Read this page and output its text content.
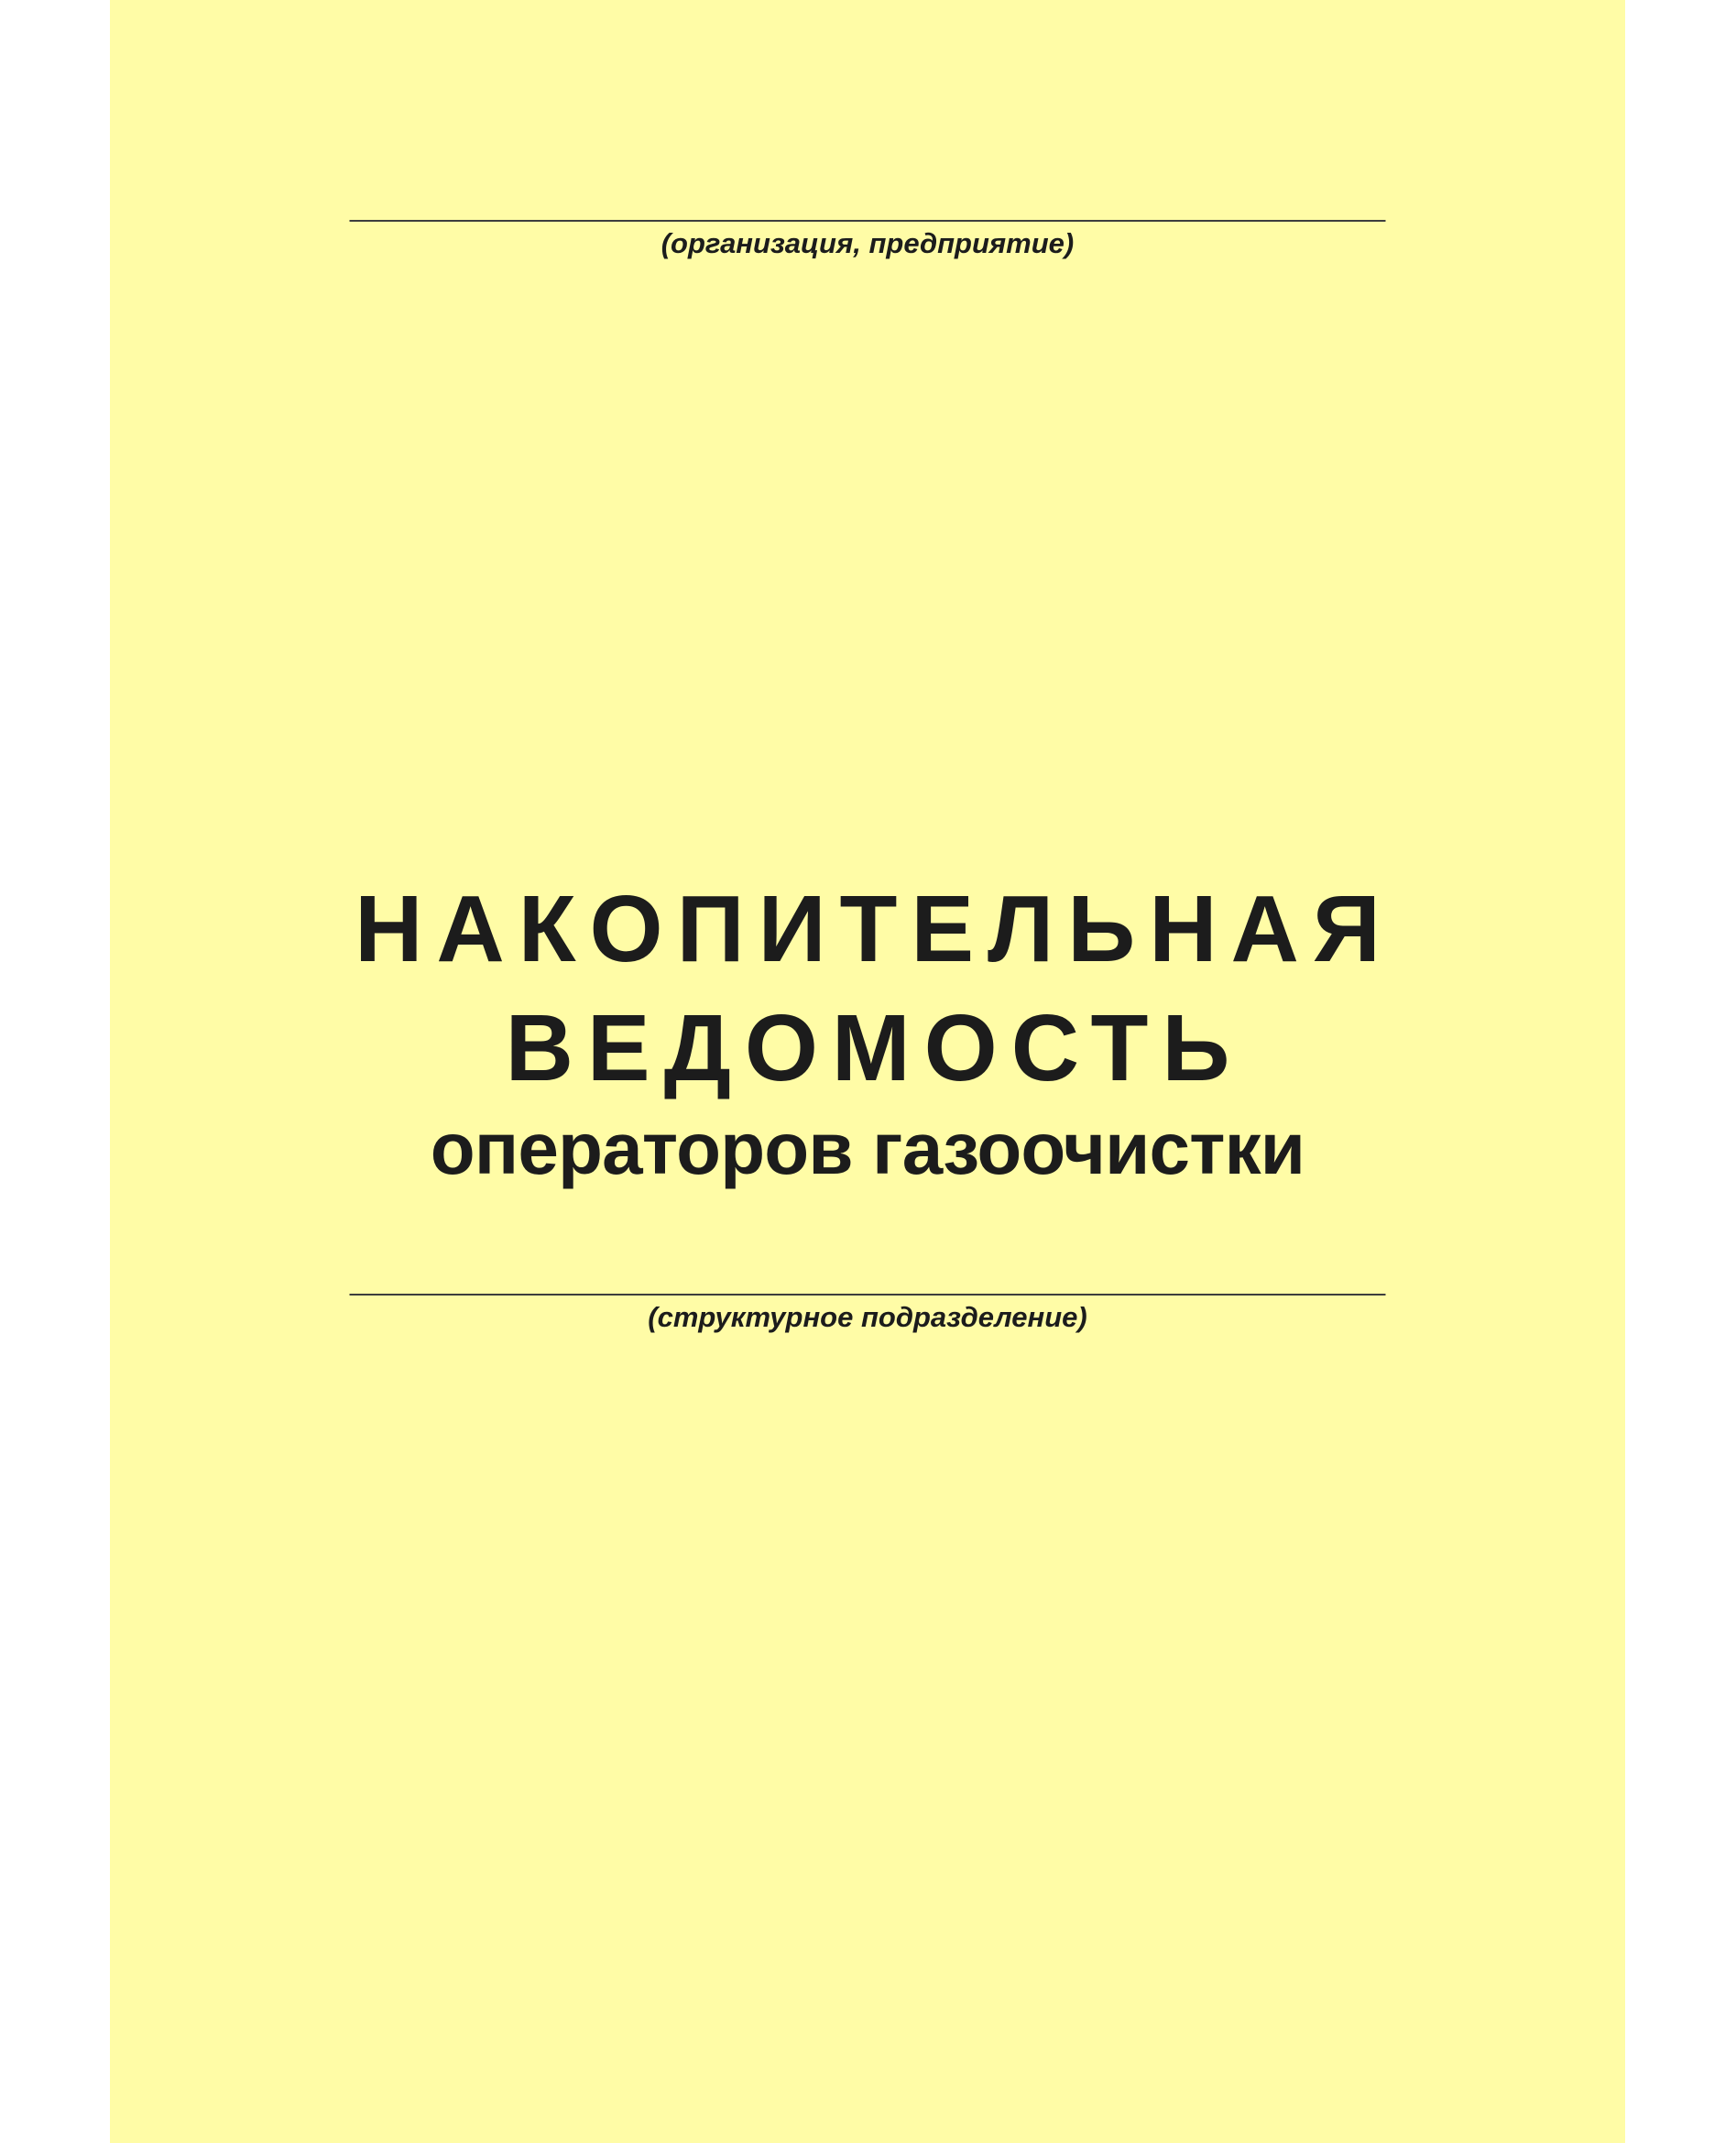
(организация, предприятие)
НАКОПИТЕЛЬНАЯ
ВЕДОМОСТЬ
операторов газоочистки
(структурное подразделение)
